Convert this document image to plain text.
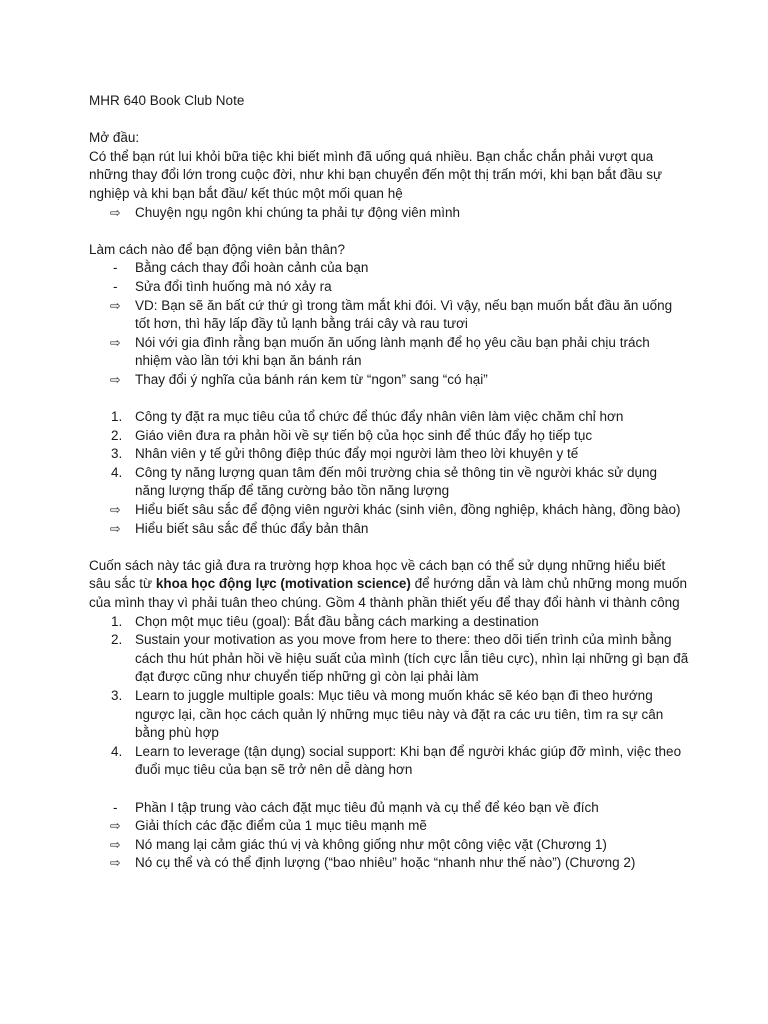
MHR 640 Book Club Note

Mở đầu:

Có thể bạn rút lui khỏi bữa tiệc khi biết mình đã uống quá nhiều. Bạn chắc chắn phải vượt qua những thay đổi lớn trong cuộc đời, như khi bạn chuyển đến một thị trấn mới, khi bạn bắt đầu sự nghiệp và khi bạn bắt đầu/ kết thúc một mối quan hệ

⇨ Chuyện ngụ ngôn khi chúng ta phải tự động viên mình

Làm cách nào để bạn động viên bản thân?

- Bằng cách thay đổi hoàn cảnh của bạn
- Sửa đổi tình huống mà nó xảy ra
⇨ VD: Bạn sẽ ăn bất cứ thứ gì trong tầm mắt khi đói. Vì vậy, nếu bạn muốn bắt đầu ăn uống tốt hơn, thì hãy lấp đầy tủ lạnh bằng trái cây và rau tươi
⇨ Nói với gia đình rằng bạn muốn ăn uống lành mạnh để họ yêu cầu bạn phải chịu trách nhiệm vào lần tới khi bạn ăn bánh rán
⇨ Thay đổi ý nghĩa của bánh rán kem từ “ngon” sang “có hại”
1. Công ty đặt ra mục tiêu của tổ chức để thúc đẩy nhân viên làm việc chăm chỉ hơn
2. Giáo viên đưa ra phản hồi về sự tiến bộ của học sinh để thúc đẩy họ tiếp tục
3. Nhân viên y tế gửi thông điệp thúc đẩy mọi người làm theo lời khuyên y tế
4. Công ty năng lượng quan tâm đến môi trường chia sẻ thông tin về người khác sử dụng năng lượng thấp để tăng cường bảo tồn năng lượng
⇨ Hiểu biết sâu sắc để động viên người khác (sinh viên, đồng nghiệp, khách hàng, đồng bào)
⇨ Hiểu biết sâu sắc để thúc đẩy bản thân

Cuốn sách này tác giả đưa ra trường hợp khoa học về cách bạn có thể sử dụng những hiểu biết sâu sắc từ khoa học động lực (motivation science) để hướng dẫn và làm chủ những mong muốn của mình thay vì phải tuân theo chúng. Gồm 4 thành phần thiết yếu để thay đổi hành vi thành công

1. Chọn một mục tiêu (goal): Bắt đầu bằng cách marking a destination
2. Sustain your motivation as you move from here to there: theo dõi tiến trình của mình bằng cách thu hút phản hồi về hiệu suất của mình (tích cực lẫn tiêu cực), nhìn lại những gì bạn đã đạt được cũng như chuyển tiếp những gì còn lại phải làm
3. Learn to juggle multiple goals: Mục tiêu và mong muốn khác sẽ kéo bạn đi theo hướng ngược lại, cần học cách quản lý những mục tiêu này và đặt ra các ưu tiên, tìm ra sự cân bằng phù hợp
4. Learn to leverage (tận dụng) social support: Khi bạn để người khác giúp đỡ mình, việc theo đuổi mục tiêu của bạn sẽ trở nên dễ dàng hơn
- Phần I tập trung vào cách đặt mục tiêu đủ mạnh và cụ thể để kéo bạn về đích
⇨ Giải thích các đặc điểm của 1 mục tiêu mạnh mẽ
⇨ Nó mang lại cảm giác thú vị và không giống như một công việc vặt (Chương 1)
⇨ Nó cụ thể và có thể định lượng (“bao nhiêu” hoặc “nhanh như thế nào”) (Chương 2)
